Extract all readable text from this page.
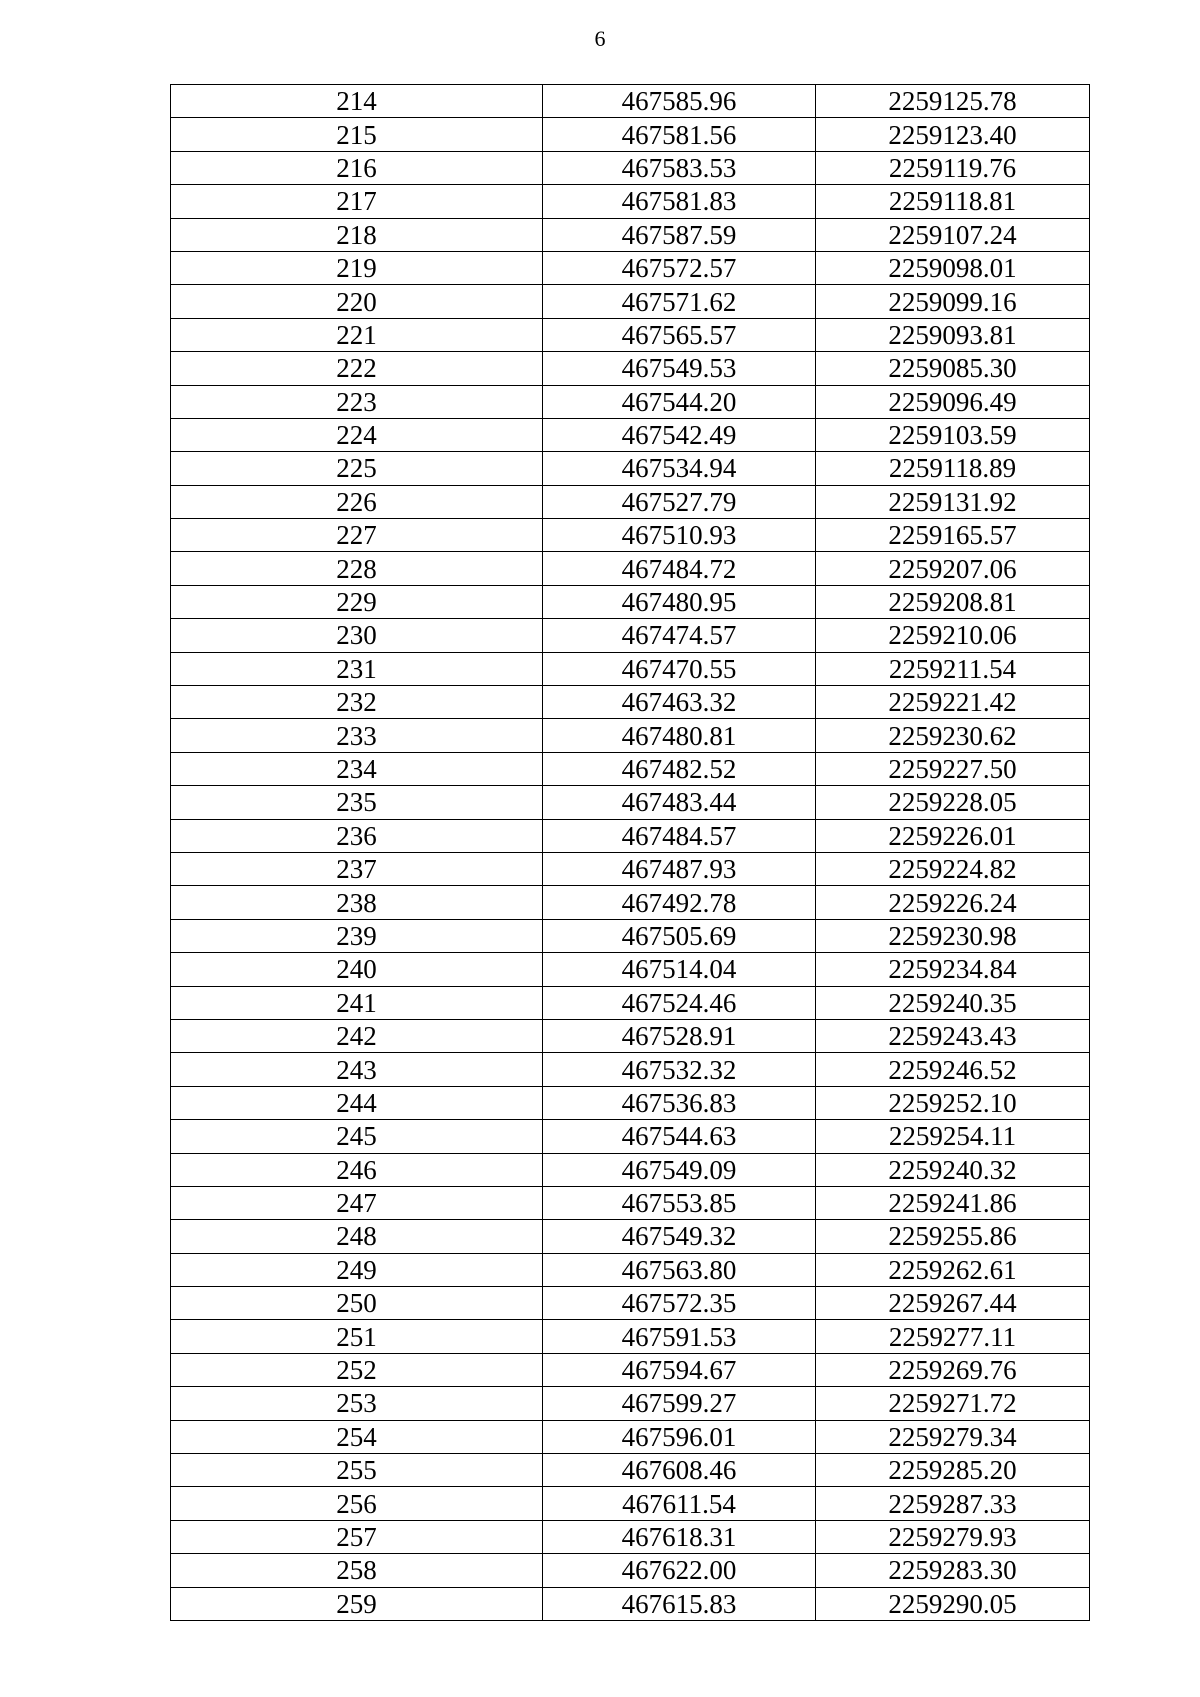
6
214	467585.96	2259125.78
215	467581.56	2259123.40
216	467583.53	2259119.76
217	467581.83	2259118.81
218	467587.59	2259107.24
219	467572.57	2259098.01
220	467571.62	2259099.16
221	467565.57	2259093.81
222	467549.53	2259085.30
223	467544.20	2259096.49
224	467542.49	2259103.59
225	467534.94	2259118.89
226	467527.79	2259131.92
227	467510.93	2259165.57
228	467484.72	2259207.06
229	467480.95	2259208.81
230	467474.57	2259210.06
231	467470.55	2259211.54
232	467463.32	2259221.42
233	467480.81	2259230.62
234	467482.52	2259227.50
235	467483.44	2259228.05
236	467484.57	2259226.01
237	467487.93	2259224.82
238	467492.78	2259226.24
239	467505.69	2259230.98
240	467514.04	2259234.84
241	467524.46	2259240.35
242	467528.91	2259243.43
243	467532.32	2259246.52
244	467536.83	2259252.10
245	467544.63	2259254.11
246	467549.09	2259240.32
247	467553.85	2259241.86
248	467549.32	2259255.86
249	467563.80	2259262.61
250	467572.35	2259267.44
251	467591.53	2259277.11
252	467594.67	2259269.76
253	467599.27	2259271.72
254	467596.01	2259279.34
255	467608.46	2259285.20
256	467611.54	2259287.33
257	467618.31	2259279.93
258	467622.00	2259283.30
259	467615.83	2259290.05
